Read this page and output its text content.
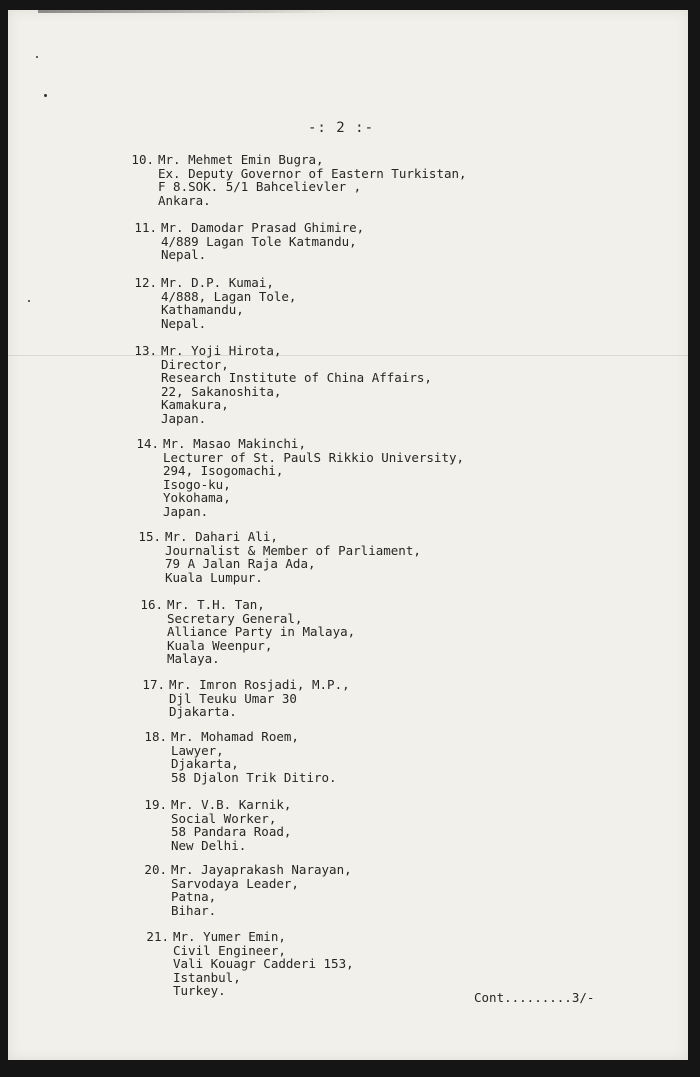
-: 2 :-
10. Mr. Mehmet Emin Bugra,
Ex. Deputy Governor of Eastern Turkistan,
F 8.SOK. 5/1 Bahcelievler ,
Ankara.
11. Mr. Damodar Prasad Ghimire,
4/889 Lagan Tole Katmandu,
Nepal.
12. Mr. D.P. Kumai,
4/888, Lagan Tole,
Kathamandu,
Nepal.
13. Mr. Yoji Hirota,
Director,
Research Institute of China Affairs,
22, Sakanoshita,
Kamakura,
Japan.
14. Mr. Masao Makinchi,
Lecturer of St. PaulS Rikkio University,
294, Isogomachi,
Isogo-ku,
Yokohama,
Japan.
15. Mr. Dahari Ali,
Journalist & Member of Parliament,
79 A Jalan Raja Ada,
Kuala Lumpur.
16. Mr. T.H. Tan,
Secretary General,
Alliance Party in Malaya,
Kuala Weenpur,
Malaya.
17. Mr. Imron Rosjadi, M.P.,
Djl Teuku Umar 30
Djakarta.
18. Mr. Mohamad Roem,
Lawyer,
Djakarta,
58 Djalon Trik Ditiro.
19. Mr. V.B. Karnik,
Social Worker,
58 Pandara Road,
New Delhi.
20. Mr. Jayaprakash Narayan,
Sarvodaya Leader,
Patna,
Bihar.
21. Mr. Yumer Emin,
Civil Engineer,
Vali Kouagr Cadderi 153,
Istanbul,
Turkey.	Cont.........3/-
